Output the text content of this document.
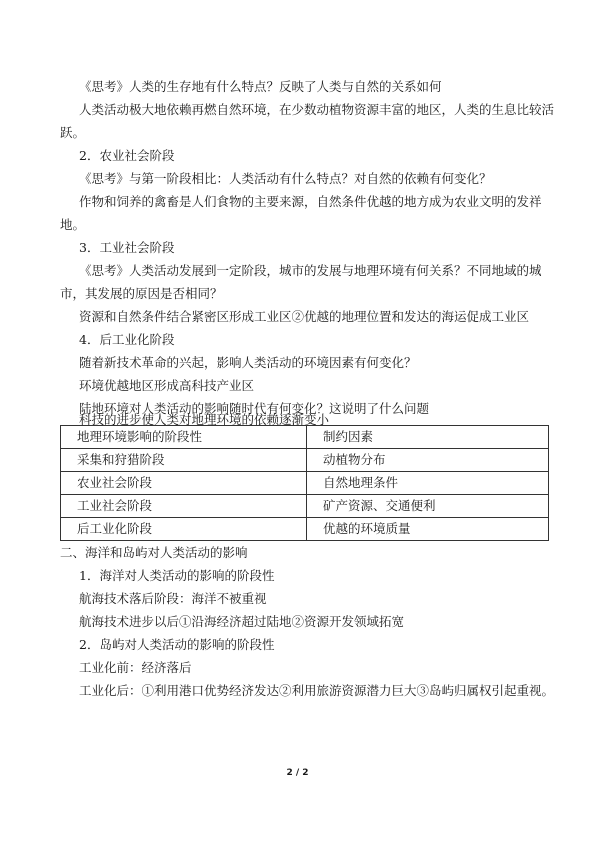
《思考》人类的生存地有什么特点？反映了人类与自然的关系如何
人类活动极大地依赖再燃自然环境，在少数动植物资源丰富的地区，人类的生息比较活
跃。
2．农业社会阶段
《思考》与第一阶段相比：人类活动有什么特点？对自然的依赖有何变化？
作物和饲养的禽畜是人们食物的主要来源，自然条件优越的地方成为农业文明的发祥
地。
3．工业社会阶段
《思考》人类活动发展到一定阶段，城市的发展与地理环境有何关系？不同地域的城
市，其发展的原因是否相同？
资源和自然条件结合紧密区形成工业区②优越的地理位置和发达的海运促成工业区
4．后工业化阶段
随着新技术革命的兴起，影响人类活动的环境因素有何变化？
环境优越地区形成高科技产业区
陆地环境对人类活动的影响随时代有何变化？这说明了什么问题
科技的进步使人类对地理环境的依赖逐渐变小
地理环境影响的阶段性	制约因素
采集和狩猎阶段	动植物分布
农业社会阶段	自然地理条件
工业社会阶段	矿产资源、交通便利
后工业化阶段	优越的环境质量
二、海洋和岛屿对人类活动的影响
1．海洋对人类活动的影响的阶段性
航海技术落后阶段：海洋不被重视
航海技术进步以后①沿海经济超过陆地②资源开发领域拓宽
2．岛屿对人类活动的影响的阶段性
工业化前：经济落后
工业化后：①利用港口优势经济发达②利用旅游资源潜力巨大③岛屿归属权引起重视。
2 / 2
